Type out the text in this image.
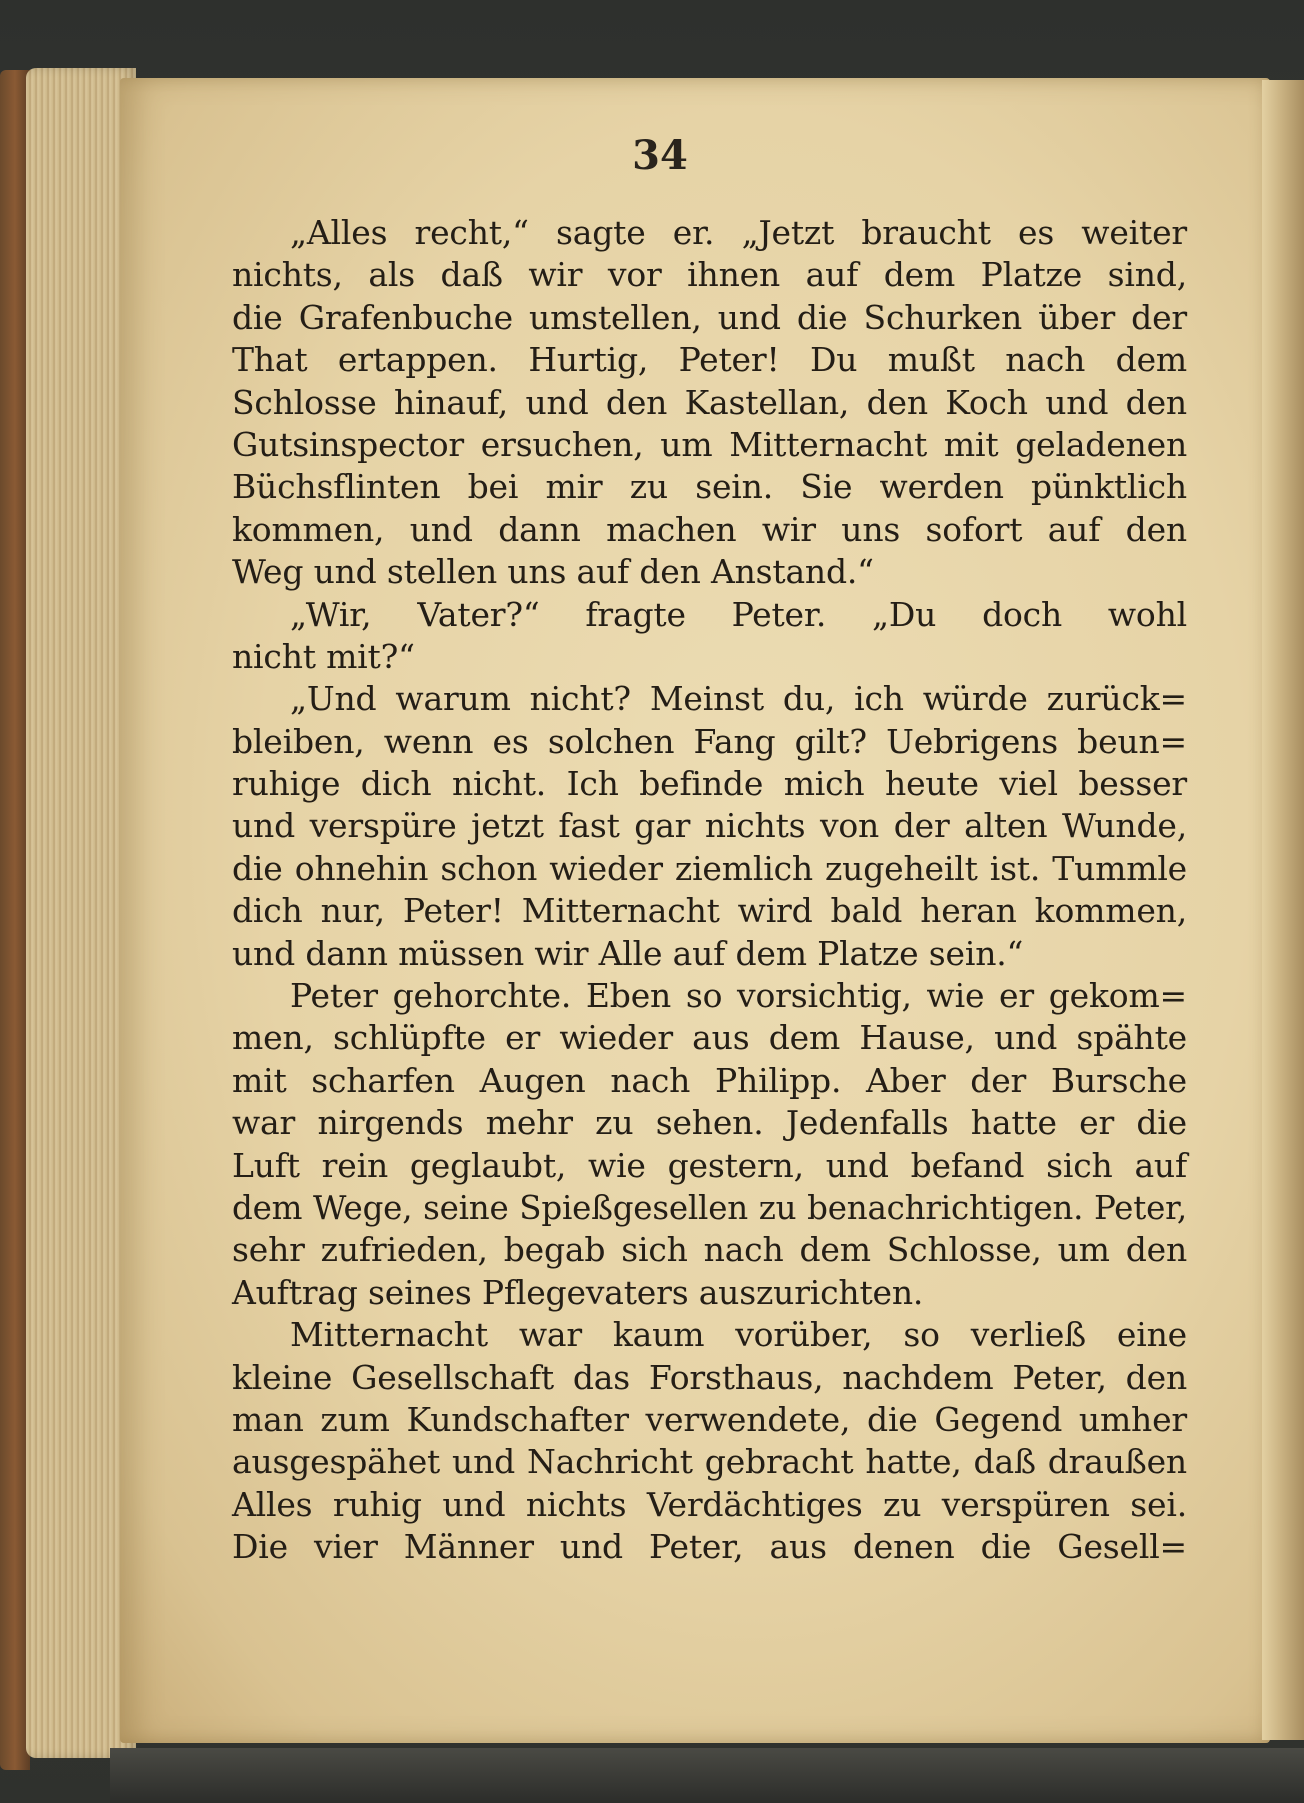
34
„Alles recht,“ sagte er. „Jetzt braucht es weiter
nichts, als daß wir vor ihnen auf dem Platze sind,
die Grafenbuche umstellen, und die Schurken über der
That ertappen. Hurtig, Peter! Du mußt nach dem
Schlosse hinauf, und den Kastellan, den Koch und den
Gutsinspector ersuchen, um Mitternacht mit geladenen
Büchsflinten bei mir zu sein. Sie werden pünktlich
kommen, und dann machen wir uns sofort auf den
Weg und stellen uns auf den Anstand.“
„Wir, Vater?“ fragte Peter. „Du doch wohl
nicht mit?“
„Und warum nicht? Meinst du, ich würde zurück=
bleiben, wenn es solchen Fang gilt? Uebrigens beun=
ruhige dich nicht. Ich befinde mich heute viel besser
und verspüre jetzt fast gar nichts von der alten Wunde,
die ohnehin schon wieder ziemlich zugeheilt ist. Tummle
dich nur, Peter! Mitternacht wird bald heran kommen,
und dann müssen wir Alle auf dem Platze sein.“
Peter gehorchte. Eben so vorsichtig, wie er gekom=
men, schlüpfte er wieder aus dem Hause, und spähte
mit scharfen Augen nach Philipp. Aber der Bursche
war nirgends mehr zu sehen. Jedenfalls hatte er die
Luft rein geglaubt, wie gestern, und befand sich auf
dem Wege, seine Spießgesellen zu benachrichtigen. Peter,
sehr zufrieden, begab sich nach dem Schlosse, um den
Auftrag seines Pflegevaters auszurichten.
Mitternacht war kaum vorüber, so verließ eine
kleine Gesellschaft das Forsthaus, nachdem Peter, den
man zum Kundschafter verwendete, die Gegend umher
ausgespähet und Nachricht gebracht hatte, daß draußen
Alles ruhig und nichts Verdächtiges zu verspüren sei.
Die vier Männer und Peter, aus denen die Gesell=
